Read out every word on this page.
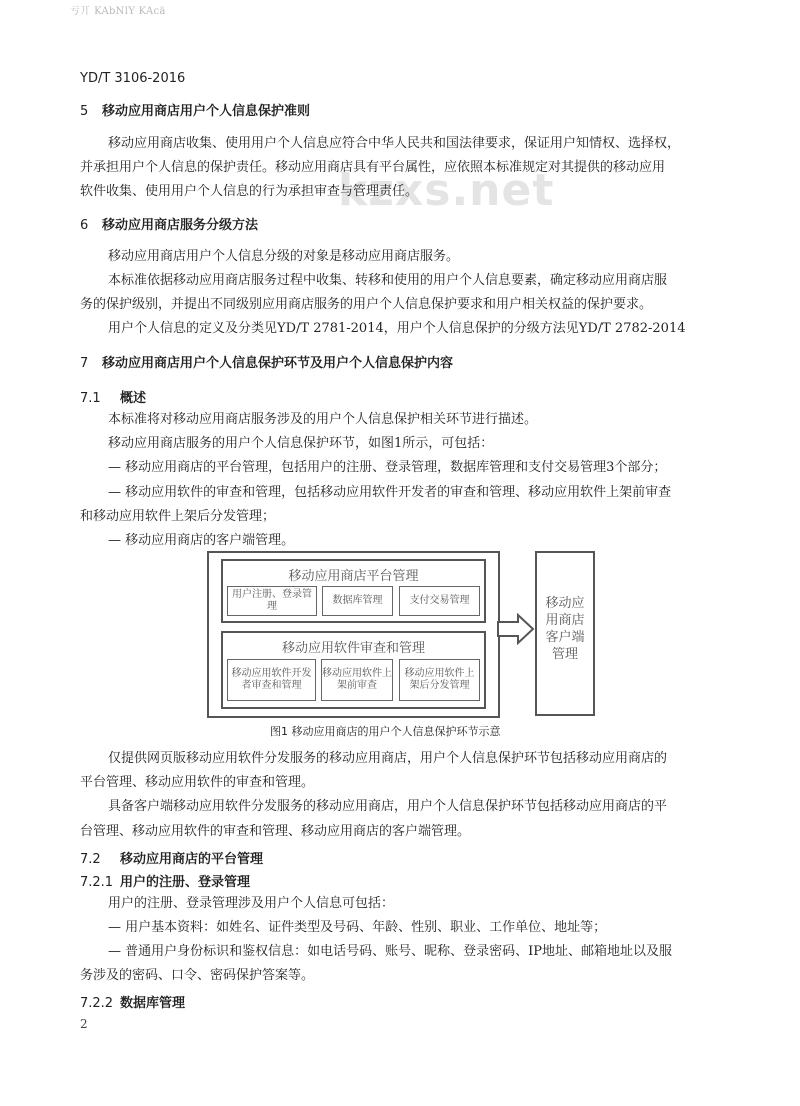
亏丌 KAbNlY KAcä
YD/T 3106-2016
kzxs.net
5 移动应用商店用户个人信息保护准则
移动应用商店收集、使用用户个人信息应符合中华人民共和国法律要求，保证用户知情权、选择权，
并承担用户个人信息的保护责任。移动应用商店具有平台属性，应依照本标准规定对其提供的移动应用
软件收集、使用用户个人信息的行为承担审查与管理责任。
6 移动应用商店服务分级方法
移动应用商店用户个人信息分级的对象是移动应用商店服务。
本标准依据移动应用商店服务过程中收集、转移和使用的用户个人信息要素，确定移动应用商店服
务的保护级别，并提出不同级别应用商店服务的用户个人信息保护要求和用户相关权益的保护要求。
用户个人信息的定义及分类见YD/T 2781-2014，用户个人信息保护的分级方法见YD/T 2782-2014
7 移动应用商店用户个人信息保护环节及用户个人信息保护内容
7.1 概述
本标准将对移动应用商店服务涉及的用户个人信息保护相关环节进行描述。
移动应用商店服务的用户个人信息保护环节，如图1所示，可包括：
— 移动应用商店的平台管理，包括用户的注册、登录管理，数据库管理和支付交易管理3个部分；
— 移动应用软件的审查和管理，包括移动应用软件开发者的审查和管理、移动应用软件上架前审查
和移动应用软件上架后分发管理；
— 移动应用商店的客户端管理。
移动应用商店平台管理
用户注册、登录管理
数据库管理	支付交易管理
移动应用软件审查和管理
移动应用软件开发者审查和管理
移动应用软件上架前审查
移动应用软件上架后分发管理
移动应用商店客户端管理
图1 移动应用商店的用户个人信息保护环节示意
仅提供网页版移动应用软件分发服务的移动应用商店，用户个人信息保护环节包括移动应用商店的
平台管理、移动应用软件的审查和管理。
具备客户端移动应用软件分发服务的移动应用商店，用户个人信息保护环节包括移动应用商店的平
台管理、移动应用软件的审查和管理、移动应用商店的客户端管理。
7.2 移动应用商店的平台管理
7.2.1 用户的注册、登录管理
用户的注册、登录管理涉及用户个人信息可包括：
— 用户基本资料：如姓名、证件类型及号码、年龄、性别、职业、工作单位、地址等；
— 普通用户身份标识和鉴权信息：如电话号码、账号、昵称、登录密码、IP地址、邮箱地址以及服
务涉及的密码、口令、密码保护答案等。
7.2.2 数据库管理
2
